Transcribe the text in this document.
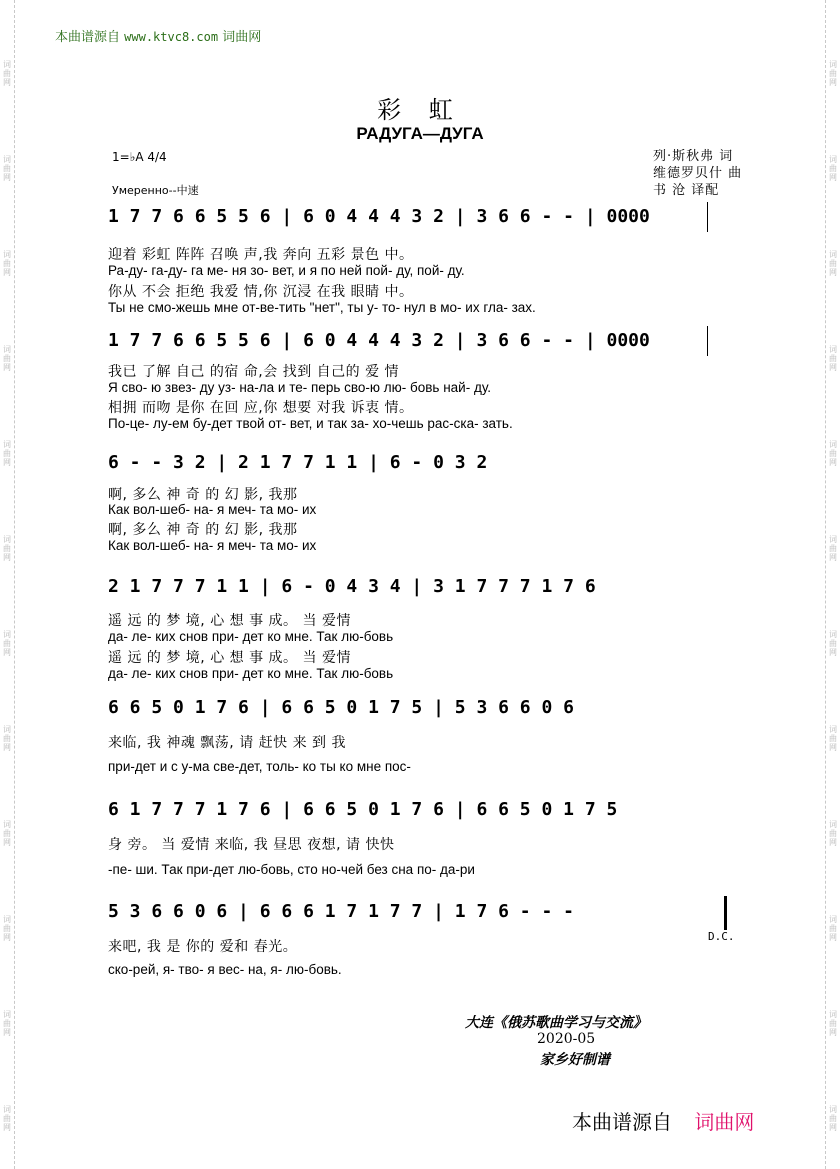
词
曲
网
词
曲
网
词
曲
网
词
曲
网
词
曲
网
词
曲
网
词
曲
网
词
曲
网
词
曲
网
词
曲
网
词
曲
网
词
曲
网
词
曲
网
词
曲
网
词
曲
网
词
曲
网
词
曲
网
词
曲
网
词
曲
网
词
曲
网
词
曲
网
词
曲
网
词
曲
网
词
曲
网
本曲谱源自 www.ktvc8.com 词曲网
彩 虹
РАДУГА—ДУГА
1=♭A 4/4
Умеренно--中速
列·斯秋弗 词
维德罗贝什 曲
书 沧 译配
1 7 7 6 6 5 5 6 | 6 0 4 4 4 3 2 | 3 6 6 - - | 0000
迎着 彩虹 阵阵 召唤 声,我 奔向 五彩 景色 中。
Ра-ду- га-ду- га ме- ня зо- вет, и я по ней пой- ду, пой- ду.
你从 不会 拒绝 我爱 情,你 沉浸 在我 眼睛 中。
Ты не смо-жешь мне от-ве-тить "нет", ты у- то- нул в мо- их гла- зах.
1 7 7 6 6 5 5 6 | 6 0 4 4 4 3 2 | 3 6 6 - - | 0000
我已 了解 自己 的宿 命,会 找到 自己的 爱 情
Я сво- ю звез- ду уз- на-ла и те- перь сво-ю лю- бовь най- ду.
相拥 而吻 是你 在回 应,你 想要 对我 诉衷 情。
По-це- лу-ем бу-дет твой от- вет, и так за- хо-чешь рас-ска- зать.
6 - - 3 2 | 2 1 7 7 1 1 | 6 - 0 3 2
啊, 多么 神 奇 的 幻 影, 我那
Как вол-шеб- на- я меч- та мо- их
啊, 多么 神 奇 的 幻 影, 我那
Как вол-шеб- на- я меч- та мо- их
2 1 7 7 7 1 1 | 6 - 0 4 3 4 | 3 1 7 7 7 1 7 6
遥 远 的 梦 境, 心 想 事 成。 当 爱情
да- ле- ких снов при- дет ко мне. Так лю-бовь
遥 远 的 梦 境, 心 想 事 成。 当 爱情
да- ле- ких снов при- дет ко мне. Так лю-бовь
6 6 5 0 1 7 6 | 6 6 5 0 1 7 5 | 5 3 6 6 0 6
来临, 我 神魂 飘荡, 请 赶快 来 到 我
при-дет и с у-ма све-дет, толь- ко ты ко мне пос-
6 1 7 7 7 1 7 6 | 6 6 5 0 1 7 6 | 6 6 5 0 1 7 5
身 旁。 当 爱情 来临, 我 昼思 夜想, 请 快快
-пе- ши. Так при-дет лю-бовь, сто но-чей без сна по- да-ри
5 3 6 6 0 6 | 6 6 6 1 7 1 7 7 | 1 7 6 - - -
D.C.
来吧, 我 是 你的 爱和 春光。
ско-рей, я- тво- я вес- на, я- лю-бовь.
大连《俄苏歌曲学习与交流》
2020-05
家乡好制谱
本曲谱源自 词曲网
